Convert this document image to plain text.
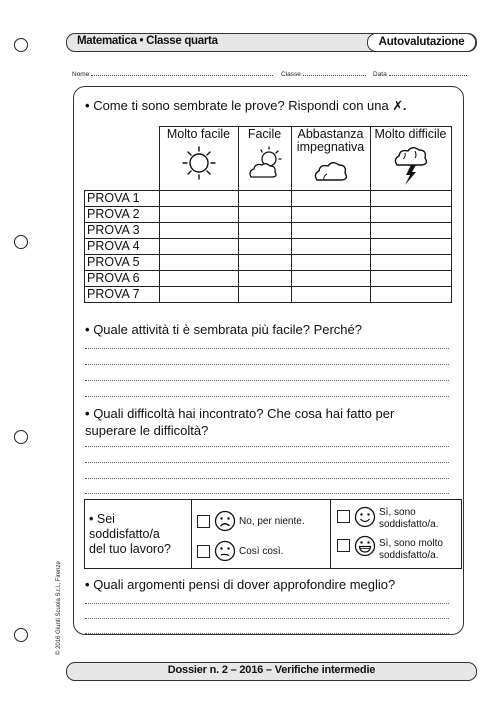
Matematica • Classe quarta	Autovalutazione
Nome	Classe	Data
• Come ti sono sembrate le prove? Rispondi con una ✗.

	Molto facile	Facile	Abbastanza impegnativa	Molto difficile

PROVA 1				
PROVA 2				
PROVA 3				
PROVA 4				
PROVA 5				
PROVA 6				
PROVA 7				
• Quale attività ti è sembrata più facile? Perché?
• Quali difficoltà hai incontrato? Che cosa hai fatto per
superare le difficoltà?
• Sei
soddisfatto/a
del tuo lavoro?
No, per niente.
Così così.
Sì, sono
soddisfatto/a.
Sì, sono molto
soddisfatto/a.
• Quali argomenti pensi di dover approfondire meglio?
Dossier n. 2 – 2016 – Verifiche intermedie
© 2016 Giunti Scuola S.r.l., Firenze
